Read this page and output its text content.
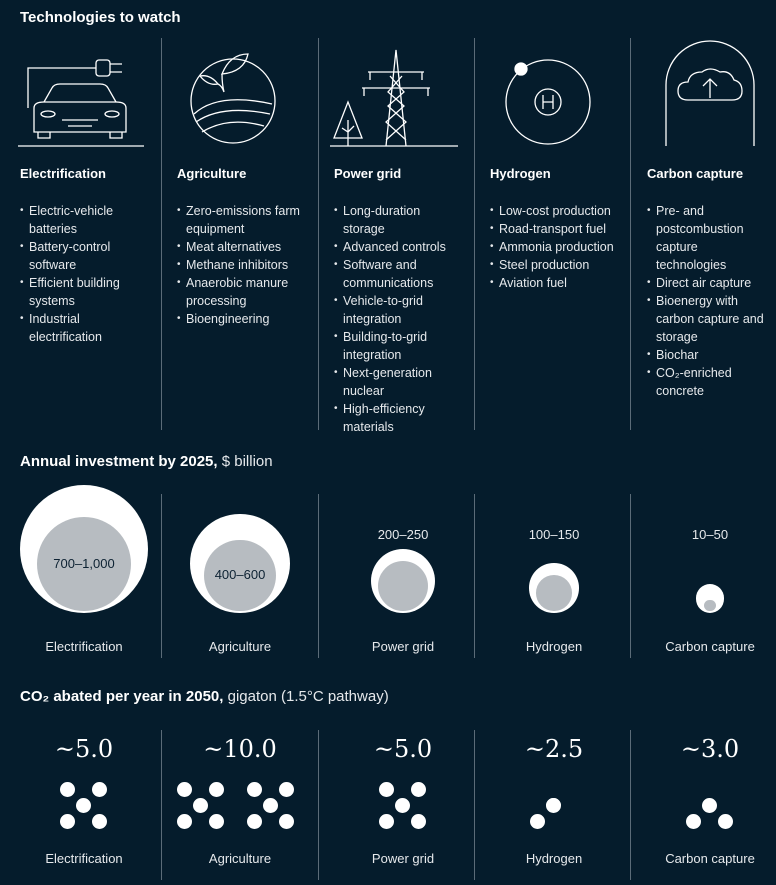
Technologies to watch
Electrification
• Electric-vehicle batteries
• Battery-control software
• Efficient building systems
• Industrial electrification
Agriculture
• Zero-emissions farm equipment
• Meat alternatives
• Methane inhibitors
• Anaerobic manure processing
• Bioengineering
Power grid
• Long-duration storage
• Advanced controls
• Software and communications
• Vehicle-to-grid integration
• Building-to-grid integration
• Next-generation nuclear
• High-efficiency materials
Hydrogen
• Low-cost production
• Road-transport fuel
• Ammonia production
• Steel production
• Aviation fuel
Carbon capture
• Pre- and postcombustion capture technologies
• Direct air capture
• Bioenergy with carbon capture and storage
• Biochar
• CO₂-enriched concrete
Annual investment by 2025, $ billion
700–1,000
Electrification
400–600
Agriculture
200–250
Power grid
100–150
Hydrogen
10–50
Carbon capture
CO₂ abated per year in 2050, gigaton (1.5°C pathway)
~5.0
Electrification
~10.0
Agriculture
~5.0
Power grid
~2.5
Hydrogen
~3.0
Carbon capture
